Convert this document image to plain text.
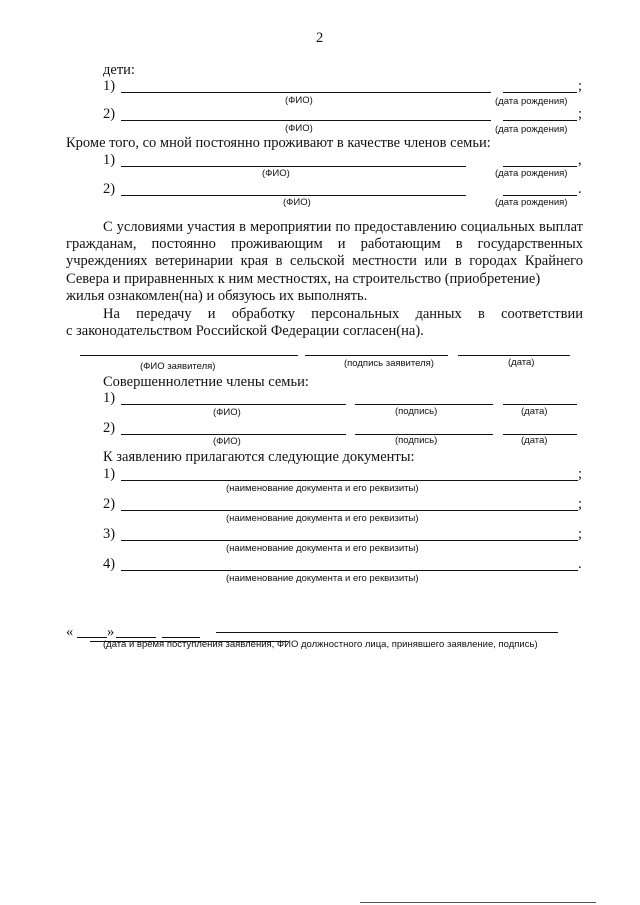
2
дети:
1)	;
(ФИО)	(дата рождения)
2)	;
(ФИО)	(дата рождения)
Кроме того, со мной постоянно проживают в качестве членов семьи:
1)	,
(ФИО)	(дата рождения)
2)	.
(ФИО)	(дата рождения)
С условиями участия в мероприятии по предоставлению социальных выплат гражданам, постоянно проживающим и работающим в государственных учреждениях ветеринарии края в сельской местности или в городах Крайнего Севера и приравненных к ним местностях, на строительство (приобретение)
жилья ознакомлен(на) и обязуюсь их выполнять.
На передачу и обработку персональных данных в соответствии
с законодательством Российской Федерации согласен(на).
(ФИО заявителя)	(подпись заявителя)	(дата)
Совершеннолетние члены семьи:
1)
(ФИО)	(подпись)	(дата)
2)
(ФИО)	(подпись)	(дата)
К заявлению прилагаются следующие документы:
1)	;
(наименование документа и его реквизиты)
2)	;
(наименование документа и его реквизиты)
3)	;
(наименование документа и его реквизиты)
4)	.
(наименование документа и его реквизиты)
« »
(дата и время поступления заявления, ФИО должностного лица, принявшего заявление, подпись)
